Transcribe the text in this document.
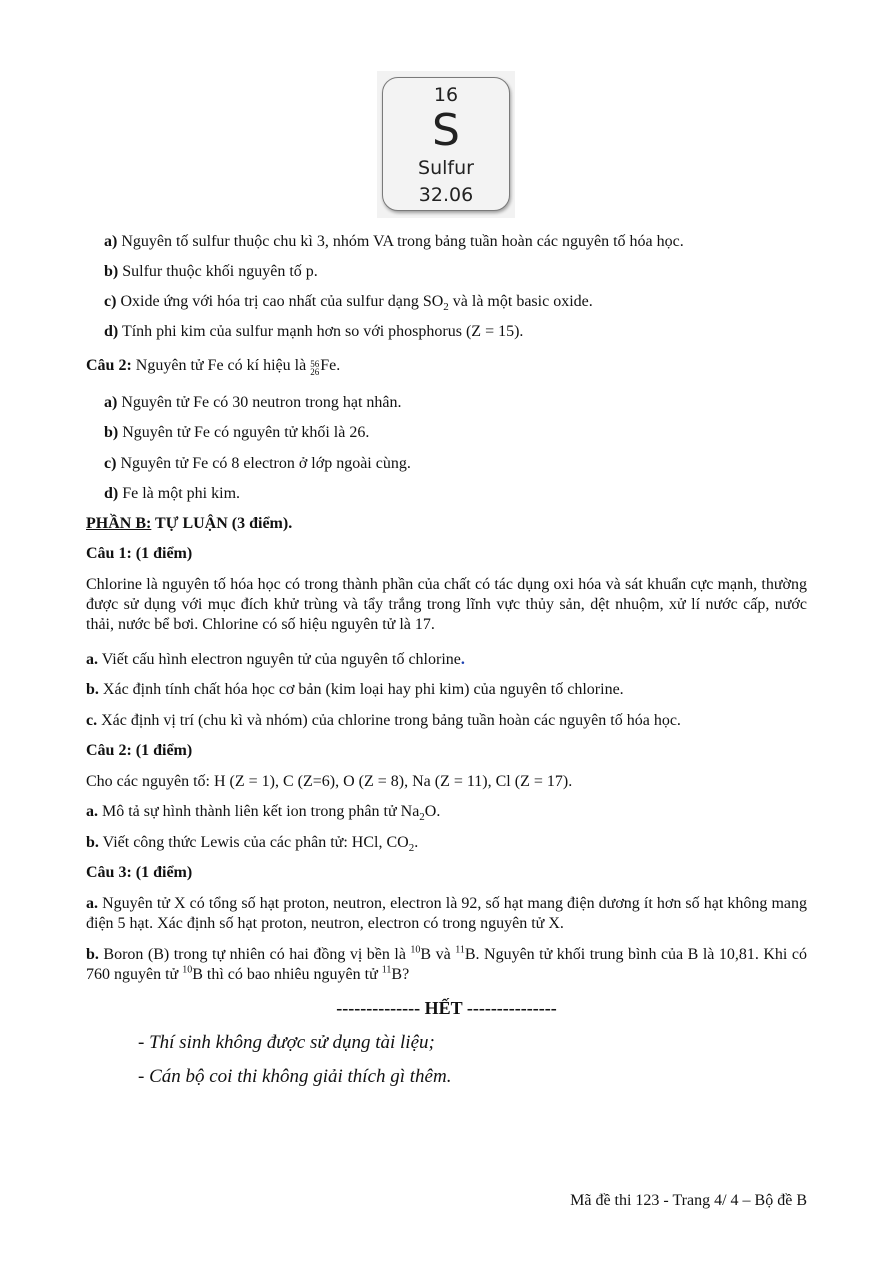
16
S
Sulfur
32.06
a) Nguyên tố sulfur thuộc chu kì 3, nhóm VA trong bảng tuần hoàn các nguyên tố hóa học.
b) Sulfur thuộc khối nguyên tố p.
c) Oxide ứng với hóa trị cao nhất của sulfur dạng $SO_2$ và là một basic oxide.
d) Tính phi kim của sulfur mạnh hơn so với phosphorus (Z = 15).
Câu 2: Nguyên tử Fe có kí hiệu là 56
26Fe.
a) Nguyên tử Fe có 30 neutron trong hạt nhân.
b) Nguyên tử Fe có nguyên tử khối là 26.
c) Nguyên tử Fe có 8 electron ở lớp ngoài cùng.
d) Fe là một phi kim.
PHẦN B: TỰ LUẬN (3 điểm).
Câu 1: (1 điểm)
Chlorine là nguyên tố hóa học có trong thành phần của chất có tác dụng oxi hóa và sát khuẩn cực mạnh, thường được sử dụng với mục đích khử trùng và tẩy trắng trong lĩnh vực thủy sản, dệt nhuộm, xử lí nước cấp, nước thải, nước bể bơi. Chlorine có số hiệu nguyên tử là 17.
a. Viết cấu hình electron nguyên tử của nguyên tố chlorine.
b. Xác định tính chất hóa học cơ bản (kim loại hay phi kim) của nguyên tố chlorine.
c. Xác định vị trí (chu kì và nhóm) của chlorine trong bảng tuần hoàn các nguyên tố hóa học.
Câu 2: (1 điểm)
Cho các nguyên tố: H (Z = 1), C (Z=6), O (Z = 8), Na (Z = 11), Cl (Z = 17).
a. Mô tả sự hình thành liên kết ion trong phân tử $Na_2O$.
b. Viết công thức Lewis của các phân tử: HCl, $CO_2$.
Câu 3: (1 điểm)
a. Nguyên tử X có tổng số hạt proton, neutron, electron là 92, số hạt mang điện dương ít hơn số hạt không mang điện 5 hạt. Xác định số hạt proton, neutron, electron có trong nguyên tử X.
b. Boron (B) trong tự nhiên có hai đồng vị bền là $^{10}$B và $^{11}$B. Nguyên tử khối trung bình của B là 10,81. Khi có 760 nguyên tử $^{10}$B thì có bao nhiêu nguyên tử $^{11}$B?
-------------- HẾT ---------------
- Thí sinh không được sử dụng tài liệu;
- Cán bộ coi thi không giải thích gì thêm.
Mã đề thi 123 - Trang 4/ 4 – Bộ đề B
